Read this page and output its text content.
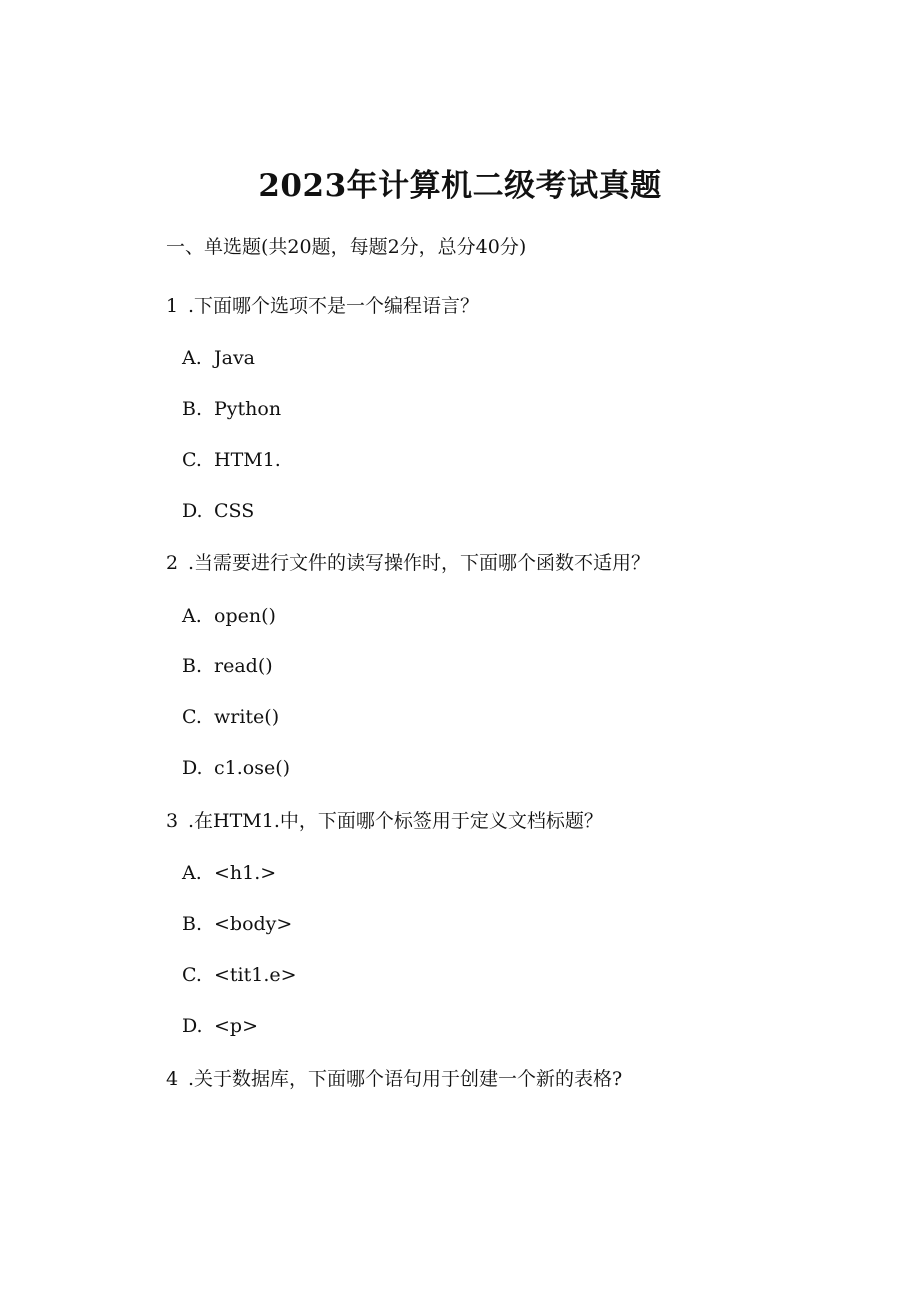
2023年计算机二级考试真题
一、单选题(共20题，每题2分，总分40分)
1 .下面哪个选项不是一个编程语言？
A. Java
B. Python
C. HTM1.
D. CSS
2 .当需要进行文件的读写操作时，下面哪个函数不适用？
A. open()
B. read()
C. write()
D. c1.ose()
3 .在HTM1.中，下面哪个标签用于定义文档标题？
A. <h1.>
B. <body>
C. <tit1.e>
D. <p>
4 .关于数据库，下面哪个语句用于创建一个新的表格?
